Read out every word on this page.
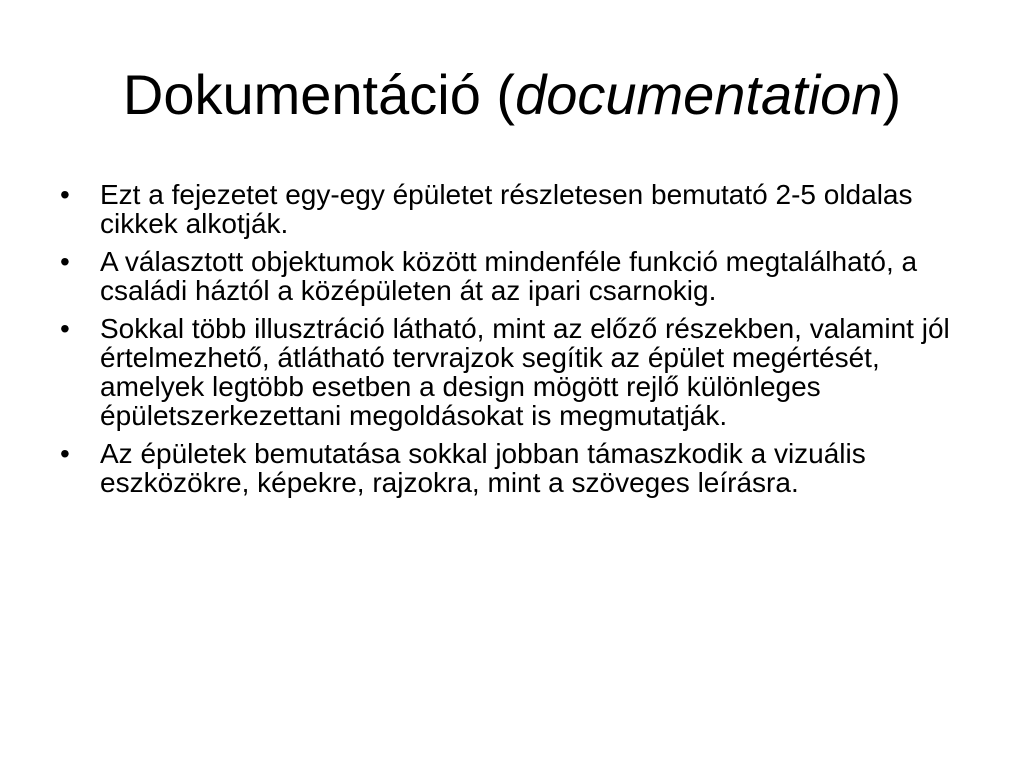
Dokumentáció (documentation)
• Ezt a fejezetet egy-egy épületet részletesen bemutató 2-5 oldalas cikkek alkotják.
• A választott objektumok között mindenféle funkció megtalálható, a családi háztól a középületen át az ipari csarnokig.
• Sokkal több illusztráció látható, mint az előző részekben, valamint jól értelmezhető, átlátható tervrajzok segítik az épület megértését, amelyek legtöbb esetben a design mögött rejlő különleges épületszerkezettani megoldásokat is megmutatják.
• Az épületek bemutatása sokkal jobban támaszkodik a vizuális eszközökre, képekre, rajzokra, mint a szöveges leírásra.
